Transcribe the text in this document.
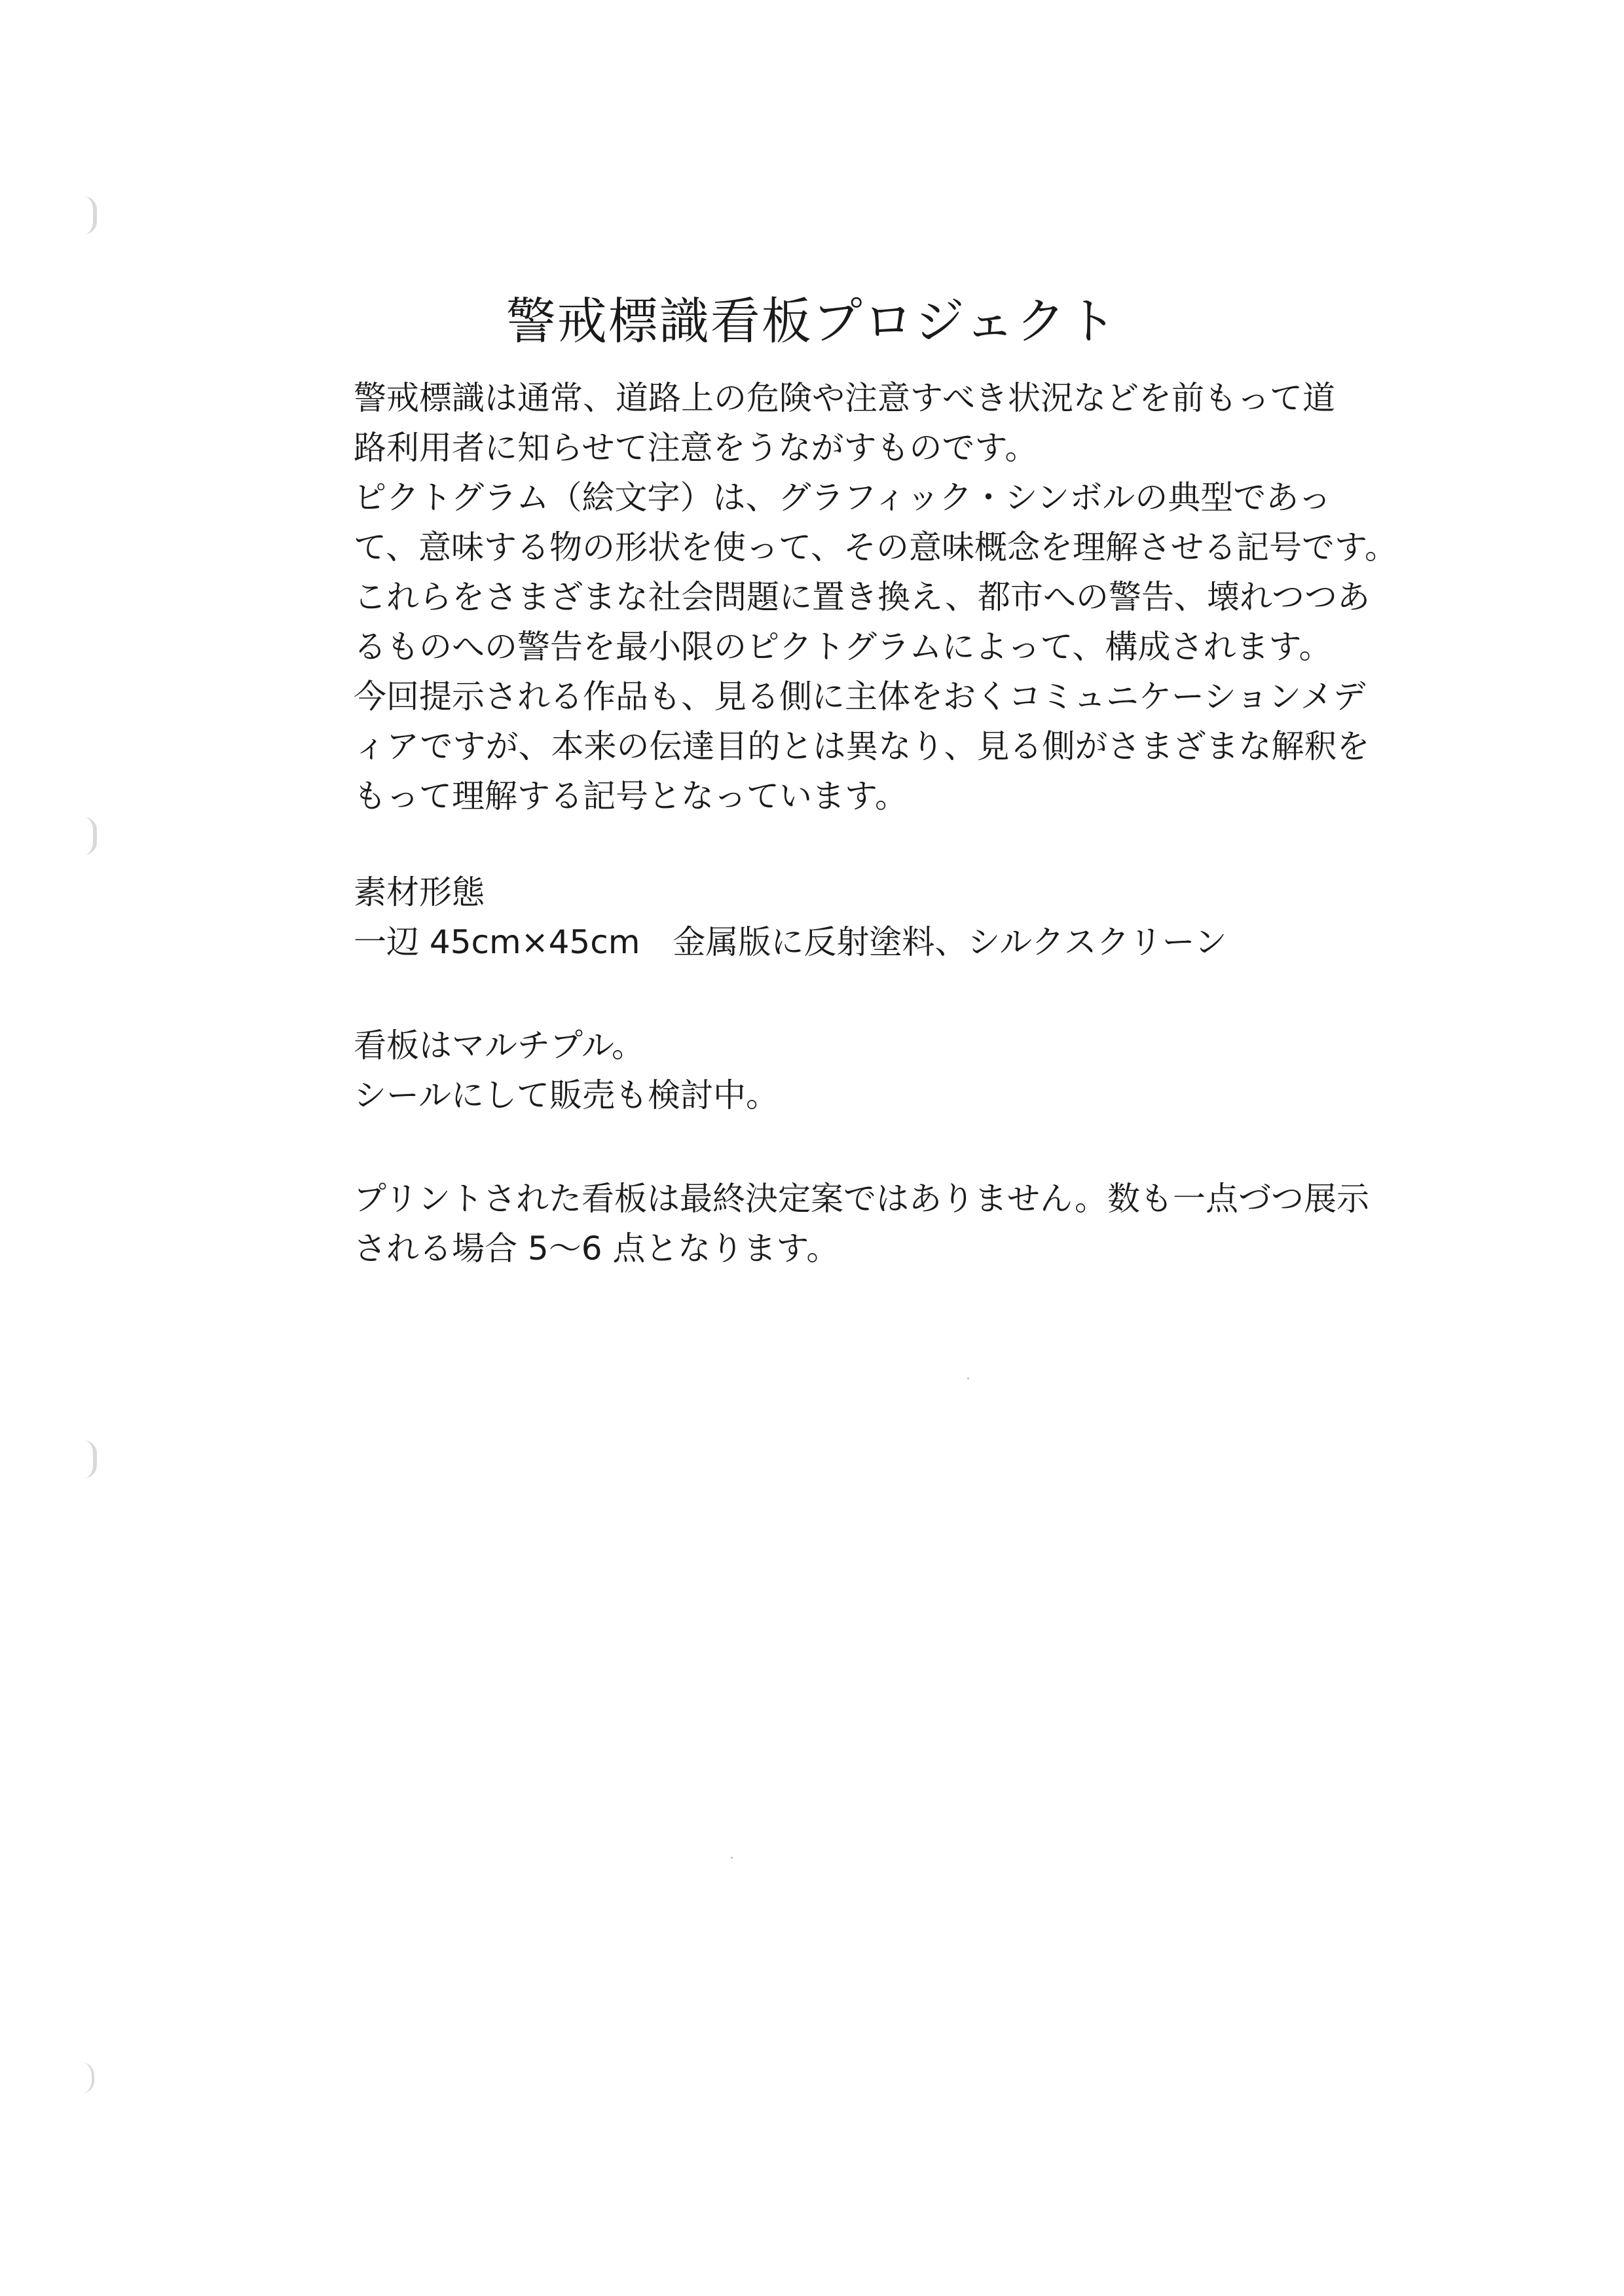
警戒標識看板プロジェクト
警戒標識は通常、道路上の危険や注意すべき状況などを前もって道
路利用者に知らせて注意をうながすものです。
ピクトグラム（絵文字）は、グラフィック・シンボルの典型であっ
て、意味する物の形状を使って、その意味概念を理解させる記号です。
これらをさまざまな社会問題に置き換え、都市への警告、壊れつつあ
るものへの警告を最小限のピクトグラムによって、構成されます。
今回提示される作品も、見る側に主体をおくコミュニケーションメデ
ィアですが、本来の伝達目的とは異なり、見る側がさまざまな解釈を
もって理解する記号となっています。
素材形態
一辺 45cm×45cm　金属版に反射塗料、シルクスクリーン
看板はマルチプル。
シールにして販売も検討中。
プリントされた看板は最終決定案ではありません。数も一点づつ展示
される場合 5〜6 点となります。
